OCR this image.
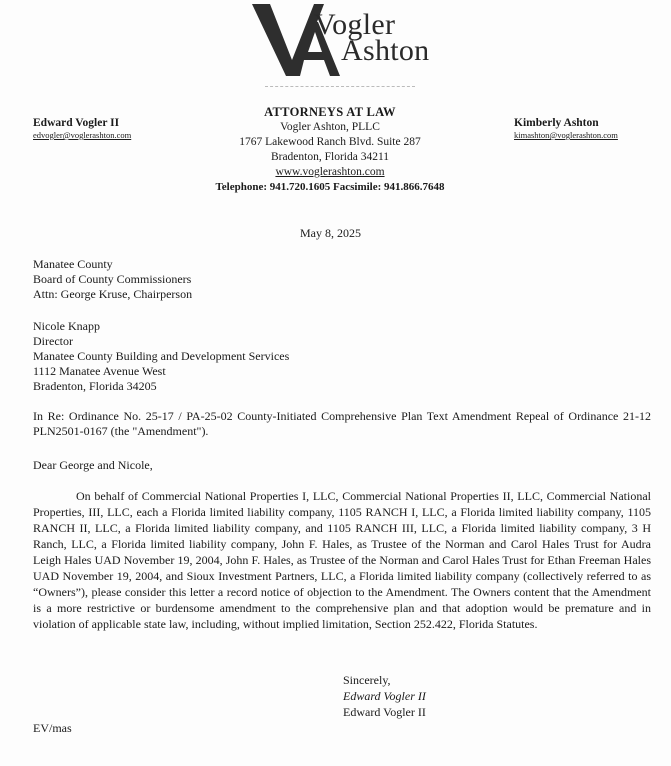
Vogler
Ashton
Edward Vogler II
edvogler@voglerashton.com
ATTORNEYS AT LAW
Vogler Ashton, PLLC
1767 Lakewood Ranch Blvd. Suite 287
Bradenton, Florida 34211
www.voglerashton.com
Telephone: 941.720.1605 Facsimile: 941.866.7648
Kimberly Ashton
kimashton@voglerashton.com
May 8, 2025
Manatee County
Board of County Commissioners
Attn: George Kruse, Chairperson
Nicole Knapp
Director
Manatee County Building and Development Services
1112 Manatee Avenue West
Bradenton, Florida 34205
In Re: Ordinance No. 25-17 / PA-25-02 County-Initiated Comprehensive Plan Text Amendment Repeal of Ordinance 21-12 PLN2501-0167 (the "Amendment").
Dear George and Nicole,
On behalf of Commercial National Properties I, LLC, Commercial National Properties II, LLC, Commercial National Properties, III, LLC, each a Florida limited liability company, 1105 RANCH I, LLC, a Florida limited liability company, 1105 RANCH II, LLC, a Florida limited liability company, and 1105 RANCH III, LLC, a Florida limited liability company, 3 H Ranch, LLC, a Florida limited liability company, John F. Hales, as Trustee of the Norman and Carol Hales Trust for Audra Leigh Hales UAD November 19, 2004, John F. Hales, as Trustee of the Norman and Carol Hales Trust for Ethan Freeman Hales UAD November 19, 2004, and Sioux Investment Partners, LLC, a Florida limited liability company (collectively referred to as “Owners”), please consider this letter a record notice of objection to the Amendment. The Owners content that the Amendment is a more restrictive or burdensome amendment to the comprehensive plan and that adoption would be premature and in violation of applicable state law, including, without implied limitation, Section 252.422, Florida Statutes.
Sincerely,
Edward Vogler II
Edward Vogler II
EV/mas
